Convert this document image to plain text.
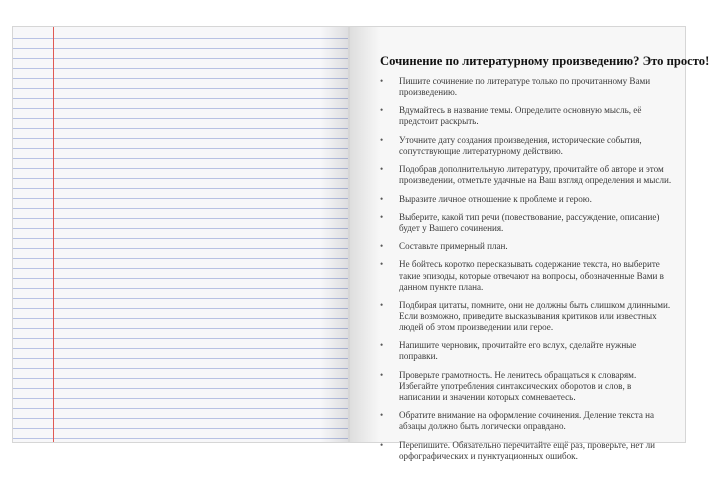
Сочинение по литературному произведению? Это просто!
•	Пишите сочинение по литературе только по прочитанному Вами произведению.
•	Вдумайтесь в название темы. Определите основную мысль, её предстоит раскрыть.
•	Уточните дату создания произведения, исторические события, сопутствующие литературному действию.
•	Подобрав дополнительную литературу, прочитайте об авторе и этом произведении, отметьте удачные на Ваш взгляд определения и мысли.
•	Выразите личное отношение к проблеме и герою.
•	Выберите, какой тип речи (повествование, рассуждение, описание) будет у Вашего сочинения.
•	Составьте примерный план.
•	Не бойтесь коротко пересказывать содержание текста, но выберите такие эпизоды, которые отвечают на вопросы, обозначенные Вами в данном пункте плана.
•	Подбирая цитаты, помните, они не должны быть слишком длинными. Если возможно, приведите высказывания критиков или известных людей об этом произведении или герое.
•	Напишите черновик, прочитайте его вслух, сделайте нужные поправки.
•	Проверьте грамотность. Не ленитесь обращаться к словарям. Избегайте употребления синтаксических оборотов и слов, в написании и значении которых сомневаетесь.
•	Обратите внимание на оформление сочинения. Деление текста на абзацы должно быть логически оправдано.
•	Перепишите. Обязательно перечитайте ещё раз, проверьте, нет ли орфографических и пунктуационных ошибок.
